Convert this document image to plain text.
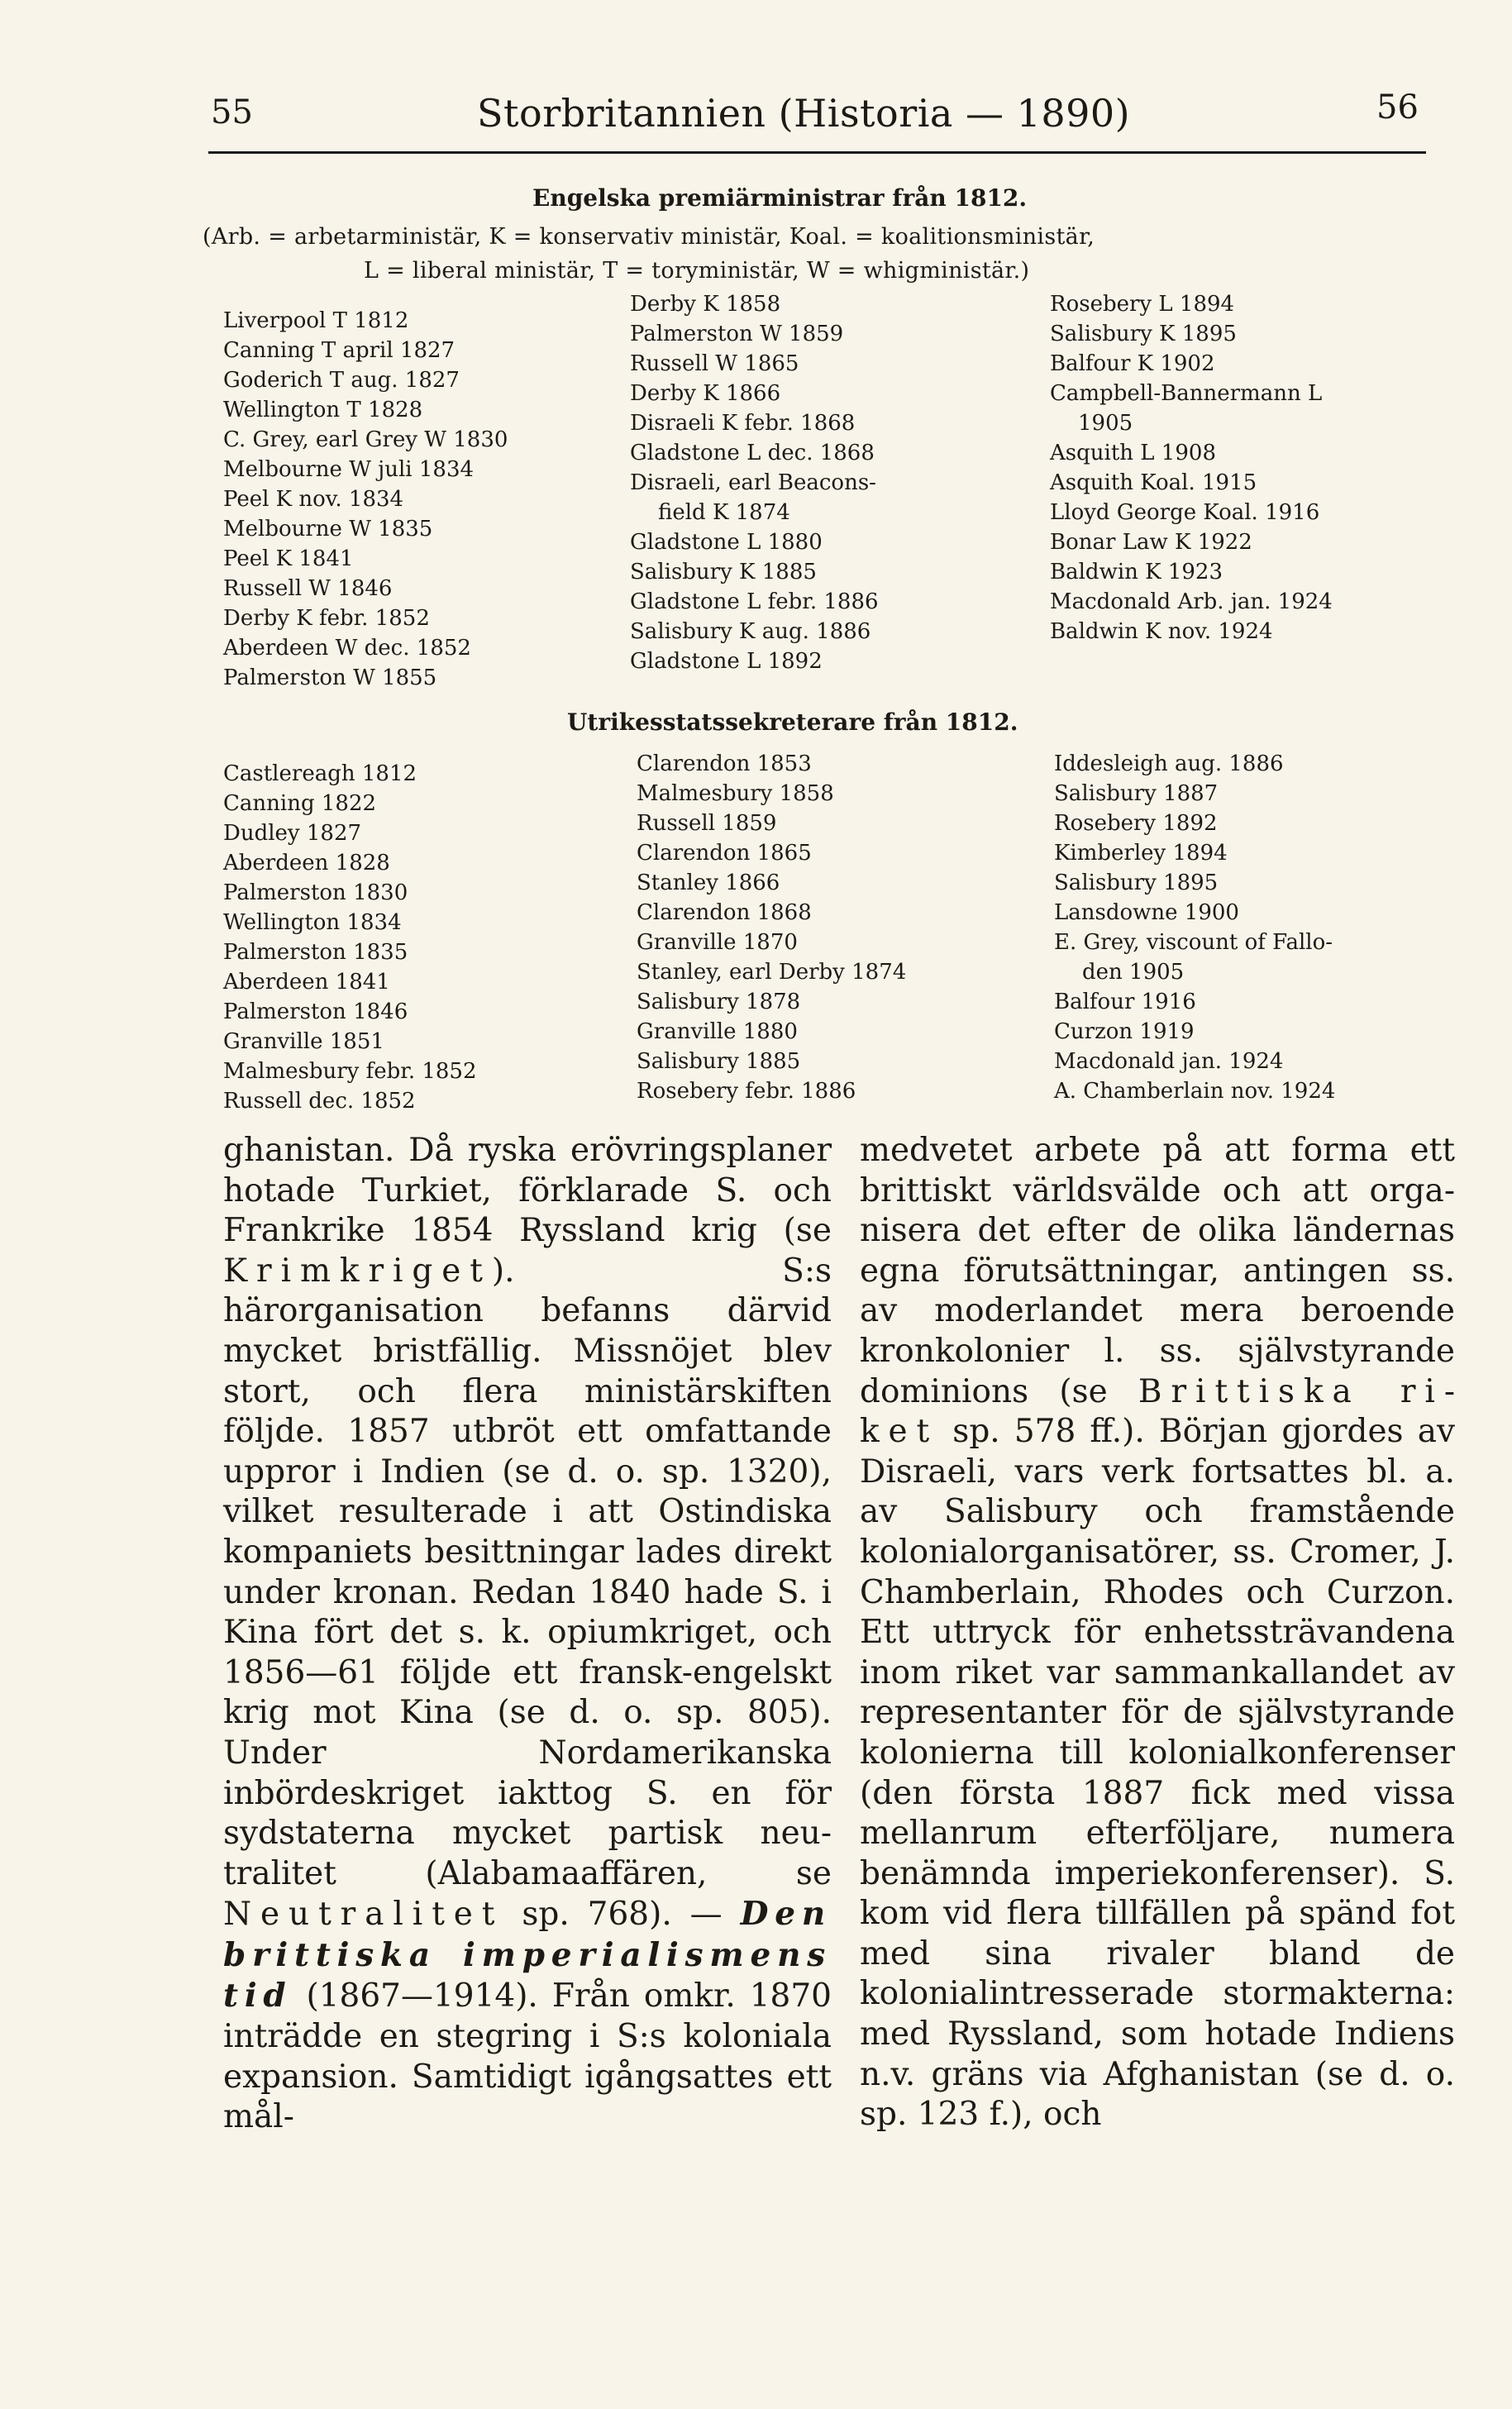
55	Storbritannien (Historia — 1890)	56
Engelska premiärministrar från 1812.
(Arb. = arbetarministär, K = konservativ ministär, Koal. = koalitionsministär,
L = liberal ministär, T = toryministär, W = whigministär.)
Liverpool T 1812
Canning T april 1827
Goderich T aug. 1827
Wellington T 1828
C. Grey, earl Grey W 1830
Melbourne W juli 1834
Peel K nov. 1834
Melbourne W 1835
Peel K 1841
Russell W 1846
Derby K febr. 1852
Aberdeen W dec. 1852
Palmerston W 1855
Derby K 1858
Palmerston W 1859
Russell W 1865
Derby K 1866
Disraeli K febr. 1868
Gladstone L dec. 1868
Disraeli, earl Beacons-
field K 1874
Gladstone L 1880
Salisbury K 1885
Gladstone L febr. 1886
Salisbury K aug. 1886
Gladstone L 1892
Rosebery L 1894
Salisbury K 1895
Balfour K 1902
Campbell-Bannermann L
1905
Asquith L 1908
Asquith Koal. 1915
Lloyd George Koal. 1916
Bonar Law K 1922
Baldwin K 1923
Macdonald Arb. jan. 1924
Baldwin K nov. 1924
Utrikesstatssekreterare från 1812.
Castlereagh 1812
Canning 1822
Dudley 1827
Aberdeen 1828
Palmerston 1830
Wellington 1834
Palmerston 1835
Aberdeen 1841
Palmerston 1846
Granville 1851
Malmesbury febr. 1852
Russell dec. 1852
Clarendon 1853
Malmesbury 1858
Russell 1859
Clarendon 1865
Stanley 1866
Clarendon 1868
Granville 1870
Stanley, earl Derby 1874
Salisbury 1878
Granville 1880
Salisbury 1885
Rosebery febr. 1886
Iddesleigh aug. 1886
Salisbury 1887
Rosebery 1892
Kimberley 1894
Salisbury 1895
Lansdowne 1900
E. Grey, viscount of Fallo-
den 1905
Balfour 1916
Curzon 1919
Macdonald jan. 1924
A. Chamberlain nov. 1924

ghanistan. Då ryska erövringsplaner hotade Turkiet, förklarade S. och Frankrike 1854 Ryssland krig (se Krimkriget). S:s härorganisation befanns därvid mycket bristfällig. Missnöjet blev stort, och flera ministärskiften följde. 1857 utbröt ett omfattande uppror i Indien (se d. o. sp. 1320), vilket resulterade i att Ostindiska kompaniets besittningar lades direkt under kronan. Redan 1840 hade S. i Kina fört det s. k. opiumkriget, och 1856—61 följde ett fransk-engelskt krig mot Kina (se d. o. sp. 805). Under Nordamerikanska inbördeskriget iakttog S. en för sydstaterna mycket partisk neutralitet (Alabamaaffären, se Neutralitet sp. 768). — Den brittiska imperialismens tid (1867—1914). Från omkr. 1870 inträdde en stegring i S:s koloniala expansion. Samtidigt igångsattes ett mål-

medvetet arbete på att forma ett brittiskt världsvälde och att organisera det efter de olika ländernas egna förutsättningar, antingen ss. av moderlandet mera beroende kronkolonier l. ss. självstyrande dominions (se Brittiska riket sp. 578 ff.). Början gjordes av Disraeli, vars verk fortsattes bl. a. av Salisbury och framstående kolonialorganisatörer, ss. Cromer, J. Chamberlain, Rhodes och Curzon. Ett uttryck för enhetssträvandena inom riket var sammankallandet av representanter för de självstyrande kolonierna till kolonialkonferenser (den första 1887 fick med vissa mellanrum efterföljare, numera benämnda imperiekonferenser). S. kom vid flera tillfällen på spänd fot med sina rivaler bland de kolonialintresserade stormakterna: med Ryssland, som hotade Indiens n.v. gräns via Afghanistan (se d. o. sp. 123 f.), och
